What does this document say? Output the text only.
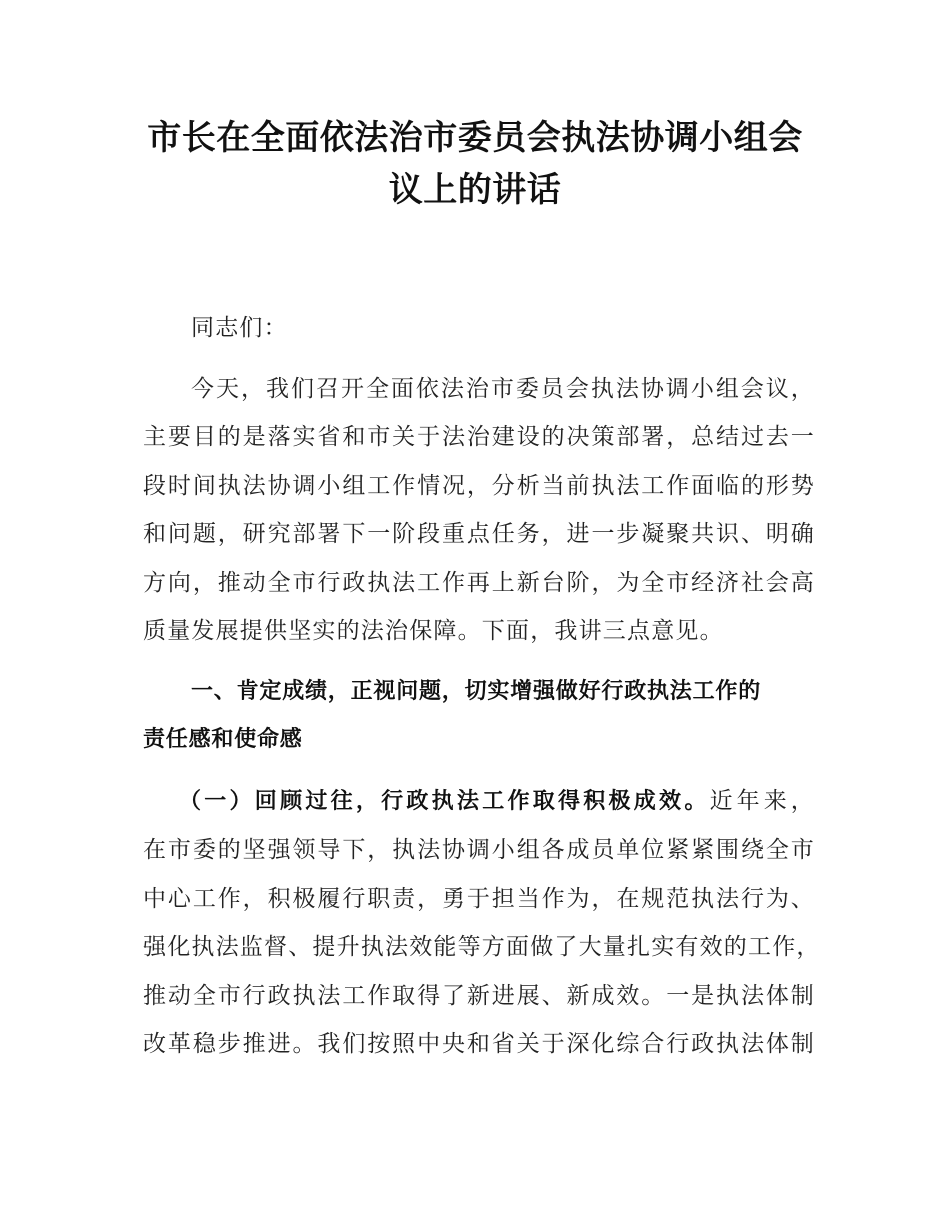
市长在全面依法治市委员会执法协调小组会
议上的讲话

同志们：

今天，我们召开全面依法治市委员会执法协调小组会议，
主要目的是落实省和市关于法治建设的决策部署，总结过去一
段时间执法协调小组工作情况，分析当前执法工作面临的形势
和问题，研究部署下一阶段重点任务，进一步凝聚共识、明确
方向，推动全市行政执法工作再上新台阶，为全市经济社会高
质量发展提供坚实的法治保障。下面，我讲三点意见。

一、肯定成绩，正视问题，切实增强做好行政执法工作的
责任感和使命感

（一）回顾过往，行政执法工作取得积极成效。近年来，
在市委的坚强领导下，执法协调小组各成员单位紧紧围绕全市
中心工作，积极履行职责，勇于担当作为，在规范执法行为、
强化执法监督、提升执法效能等方面做了大量扎实有效的工作，
推动全市行政执法工作取得了新进展、新成效。一是执法体制
改革稳步推进。我们按照中央和省关于深化综合行政执法体制
